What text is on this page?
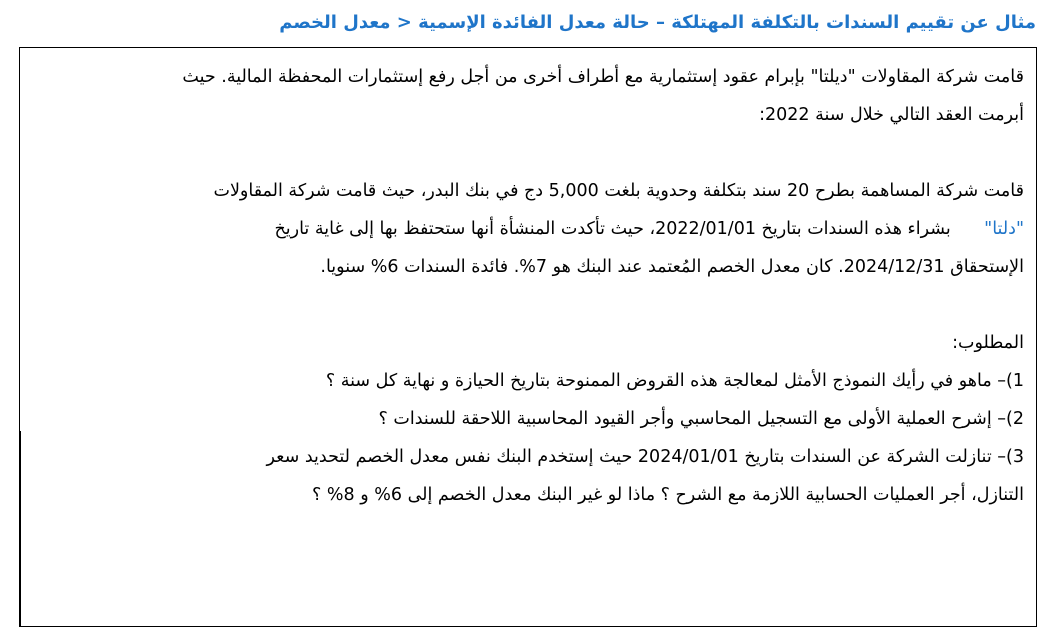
مثال عن تقييم السندات بالتكلفة المهتلكة – حالة معدل الفائدة الإسمية < معدل الخصم

قامت شركة المقاولات "ديلتا" بإبرام عقود إستثمارية مع أطراف أخرى من أجل رفع إستثمارات المحفظة المالية. حيث

أبرمت العقد التالي خلال سنة 2022:

قامت شركة المساهمة بطرح 20 سند بتكلفة وحدوية بلغت 5,000 دج في بنك البدر، حيث قامت شركة المقاولات

"دلتا"      بشراء هذه السندات بتاريخ 2022/01/01، حيث تأكدت المنشأة أنها ستحتفظ بها إلى غاية تاريخ

الإستحقاق 2024/12/31. كان معدل الخصم المُعتمد عند البنك هو 7%. فائدة السندات 6% سنويا.

المطلوب:

1)– ماهو في رأيك النموذج الأمثل لمعالجة هذه القروض الممنوحة بتاريخ الحيازة و نهاية كل سنة ؟

2)– إشرح العملية الأولى مع التسجيل المحاسبي وأجر القيود المحاسبية اللاحقة للسندات ؟

3)– تنازلت الشركة عن السندات بتاريخ 2024/01/01 حيث إستخدم البنك نفس معدل الخصم لتحديد سعر

التنازل، أجر العمليات الحسابية اللازمة مع الشرح ؟ ماذا لو غير البنك معدل الخصم إلى 6% و 8% ؟
